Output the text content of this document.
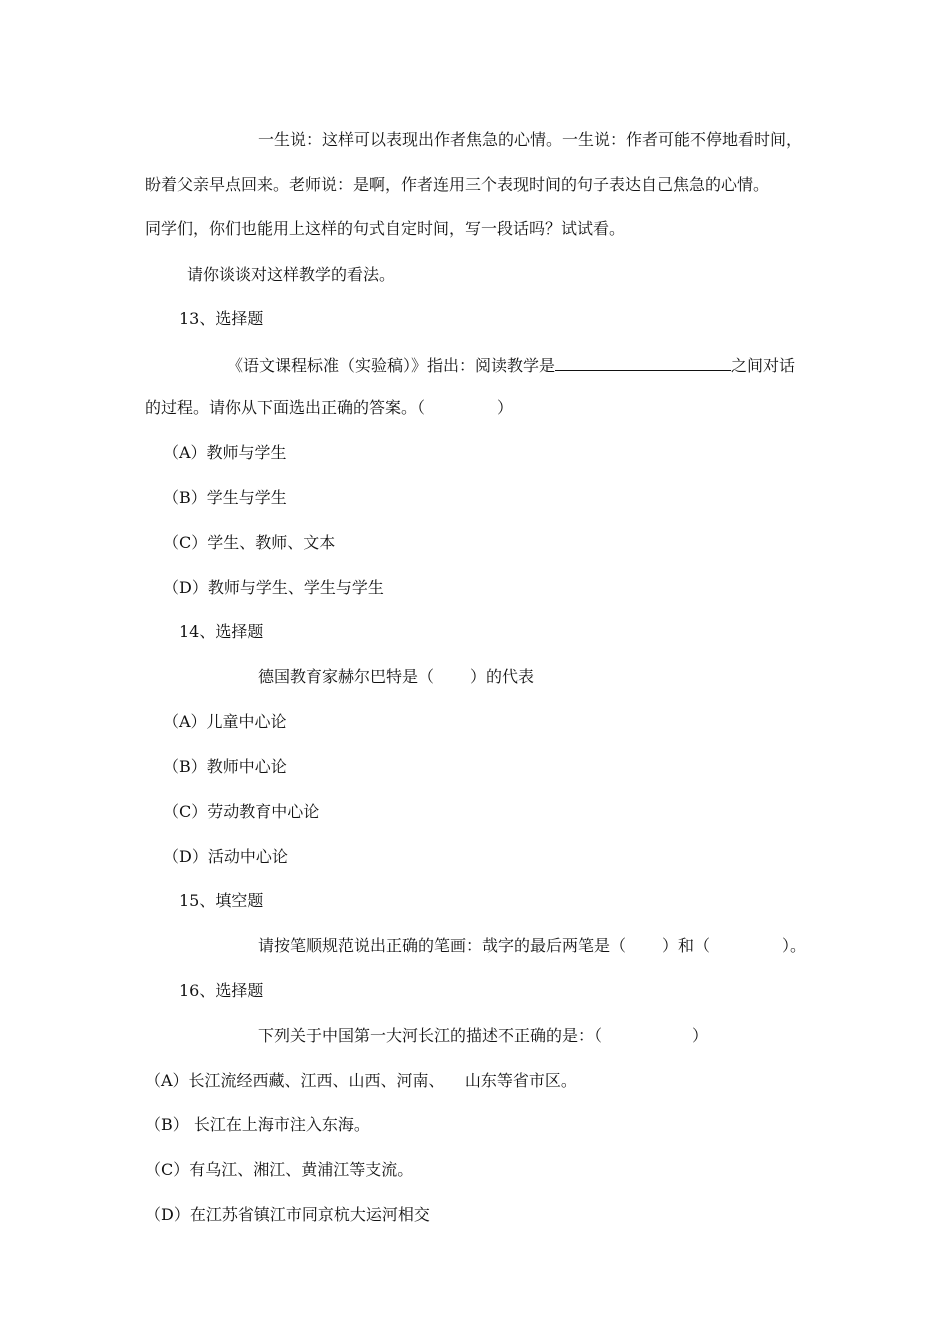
一生说：这样可以表现出作者焦急的心情。一生说：作者可能不停地看时间，
盼着父亲早点回来。老师说：是啊，作者连用三个表现时间的句子表达自己焦急的心情。
同学们，你们也能用上这样的句式自定时间，写一段话吗？试试看。
请你谈谈对这样教学的看法。
13、选择题
《语文课程标准（实验稿）》指出：阅读教学是	之间对话
的过程。请你从下面选出正确的答案。（	）
（A）教师与学生
（B）学生与学生
（C）学生、教师、文本
（D）教师与学生、学生与学生
14、选择题
德国教育家赫尔巴特是（ ）的代表
（A）儿童中心论
（B）教师中心论
（C）劳动教育中心论
（D）活动中心论
15、填空题
请按笔顺规范说出正确的笔画：哉字的最后两笔是（ ）和（	）。
16、选择题
下列关于中国第一大河长江的描述不正确的是：（	）
（A）长江流经西藏、江西、山西、河南、    山东等省市区。
（B） 长江在上海市注入东海。
（C）有乌江、湘江、黄浦江等支流。
（D）在江苏省镇江市同京杭大运河相交
